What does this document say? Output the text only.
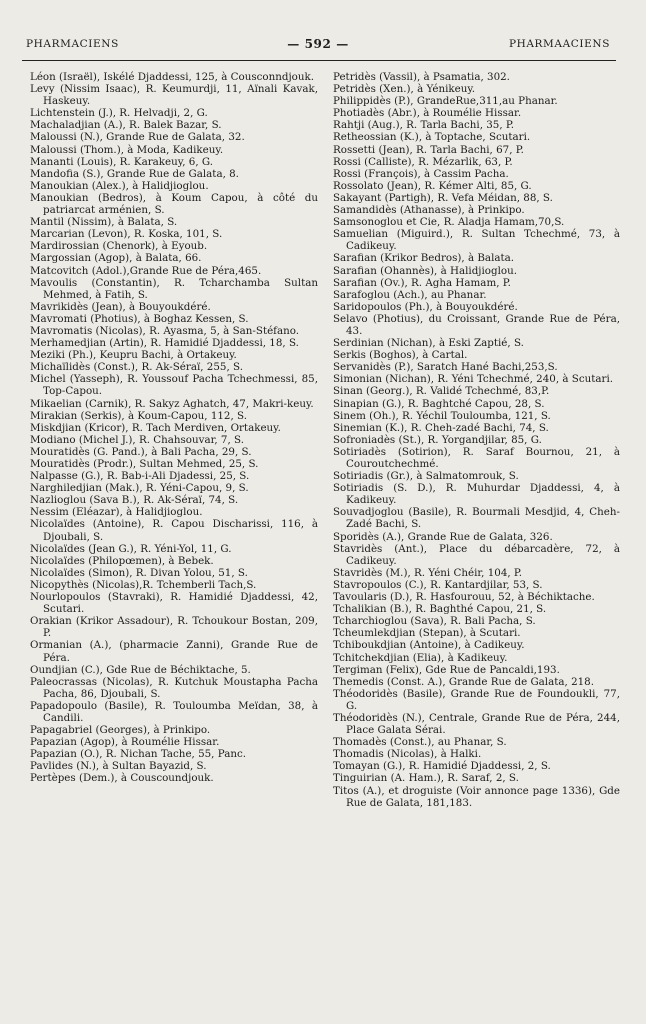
PHARMACIENS	— 592 —	PHARMAACIENS
Léon (Israël), Iskélé Djaddessi, 125, à Cousconndjouk.
Levy (Nissim Isaac), R. Keumurdji, 11, Aïnali Kavak, Haskeuy.
Lichtenstein (J.), R. Helvadji, 2, G.
Machaladjian (A.), R. Balek Bazar, S.
Maloussi (N.), Grande Rue de Galata, 32.
Maloussi (Thom.), à Moda, Kadikeuy.
Mananti (Louis), R. Karakeuy, 6, G.
Mandofia (S.), Grande Rue de Galata, 8.
Manoukian (Alex.), à Halidjioglou.
Manoukian (Bedros), à Koum Capou, à côté du patriarcat arménien, S.
Mantil (Nissim), à Balata, S.
Marcarian (Levon), R. Koska, 101, S.
Mardirossian (Chenork), à Eyoub.
Margossian (Agop), à Balata, 66.
Matcovitch (Adol.),Grande Rue de Péra,465.
Mavoulis (Constantin), R. Tcharchamba Sultan Mehmed, à Fatih, S.
Mavrikidès (Jean), à Bouyoukdéré.
Mavromati (Photius), à Boghaz Kessen, S.
Mavromatis (Nicolas), R. Ayasma, 5, à San-Stéfano.
Merhamedjian (Artin), R. Hamidié Djaddessi, 18, S.
Meziki (Ph.), Keupru Bachi, à Ortakeuy.
Michaïlidès (Const.), R. Ak-Séraï, 255, S.
Michel (Yasseph), R. Youssouf Pacha Tchechmessi, 85, Top-Capou.
Mikaelian (Carnik), R. Sakyz Aghatch, 47, Makri-keuy.
Mirakian (Serkis), à Koum-Capou, 112, S.
Miskdjian (Kricor), R. Tach Merdiven, Ortakeuy.
Modiano (Michel J.), R. Chahsouvar, 7, S.
Mouratidès (G. Pand.), à Bali Pacha, 29, S.
Mouratidès (Prodr.), Sultan Mehmed, 25, S.
Nalpasse (G.), R. Bab-i-Ali Djadessi, 25, S.
Narghiledjian (Mak.), R. Yéni-Capou, 9, S.
Nazlioglou (Sava B.), R. Ak-Séraï, 74, S.
Nessim (Eléazar), à Halidjioglou.
Nicolaïdes (Antoine), R. Capou Discharissi, 116, à Djoubali, S.
Nicolaïdes (Jean G.), R. Yéni-Yol, 11, G.
Nicolaïdes (Philopœmen), à Bebek.
Nicolaïdes (Simon), R. Divan Yolou, 51, S.
Nicopythès (Nicolas),R. Tchemberli Tach,S.
Nourlopoulos (Stavraki), R. Hamidié Djaddessi, 42, Scutari.
Orakian (Krikor Assadour), R. Tchoukour Bostan, 209, P.
Ormanian (A.), (pharmacie Zanni), Grande Rue de Péra.
Oundjian (C.), Gde Rue de Béchiktache, 5.
Paleocrassas (Nicolas), R. Kutchuk Moustapha Pacha Pacha, 86, Djoubali, S.
Papadopoulo (Basile), R. Touloumba Meïdan, 38, à Candili.
Papagabriel (Georges), à Prinkipo.
Papazian (Agop), à Roumélie Hissar.
Papazian (O.), R. Nichan Tache, 55, Panc.
Pavlides (N.), à Sultan Bayazid, S.
Pertèpes (Dem.), à Couscoundjouk.
Petridès (Vassil), à Psamatia, 302.
Petridès (Xen.), à Yénikeuy.
Philippidès (P.), GrandeRue,311,au Phanar.
Photiadès (Abr.), à Roumélie Hissar.
Rahtji (Aug.), R. Tarla Bachi, 35, P.
Retheossian (K.), à Toptache, Scutari.
Rossetti (Jean), R. Tarla Bachi, 67, P.
Rossi (Calliste), R. Mézarlik, 63, P.
Rossi (François), à Cassim Pacha.
Rossolato (Jean), R. Kémer Alti, 85, G.
Sakayant (Partigh), R. Vefa Méidan, 88, S.
Samandidès (Athanasse), à Prinkipo.
Samsonoglou et Cie, R. Aladja Hamam,70,S.
Samuelian (Miguird.), R. Sultan Tchechmé, 73, à Cadikeuy.
Sarafian (Krikor Bedros), à Balata.
Sarafian (Ohannès), à Halidjioglou.
Sarafian (Ov.), R. Agha Hamam, P.
Sarafoglou (Ach.), au Phanar.
Saridopoulos (Ph.), à Bouyoukdéré.
Selavo (Photius), du Croissant, Grande Rue de Péra, 43.
Serdinian (Nichan), à Eski Zaptié, S.
Serkis (Boghos), à Cartal.
Servanidès (P.), Saratch Hané Bachi,253,S.
Simonian (Nichan), R. Yéni Tchechmé, 240, à Scutari.
Sinan (Georg.), R. Validé Tchechmé, 83,P.
Sinapian (G.), R. Baghtché Capou, 28, S.
Sinem (Oh.), R. Yéchil Touloumba, 121, S.
Sinemian (K.), R. Cheh-zadé Bachi, 74, S.
Sofroniadès (St.), R. Yorgandjilar, 85, G.
Sotiriadès (Sotirion), R. Saraf Bournou, 21, à Couroutchechmé.
Sotiriadis (Gr.), à Salmatomrouk, S.
Sotiriadis (S. D.), R. Muhurdar Djaddessi, 4, à Kadikeuy.
Souvadjoglou (Basile), R. Bourmali Mesdjid, 4, Cheh-Zadé Bachi, S.
Sporidès (A.), Grande Rue de Galata, 326.
Stavridès (Ant.), Place du débarcadère, 72, à Cadikeuy.
Stavridès (M.), R. Yéni Chéir, 104, P.
Stavropoulos (C.), R. Kantardjilar, 53, S.
Tavoularis (D.), R. Hasfourouu, 52, à Béchiktache.
Tchalikian (B.), R. Baghthé Capou, 21, S.
Tcharchioglou (Sava), R. Bali Pacha, S.
Tcheumlekdjian (Stepan), à Scutari.
Tchiboukdjian (Antoine), à Cadikeuy.
Tchitchekdjian (Elia), à Kadikeuy.
Tergiman (Felix), Gde Rue de Pancaldi,193.
Themedis (Const. A.), Grande Rue de Galata, 218.
Théodoridès (Basile), Grande Rue de Foundoukli, 77, G.
Théodoridès (N.), Centrale, Grande Rue de Péra, 244, Place Galata Sérai.
Thomadès (Const.), au Phanar, S.
Thomadis (Nicolas), à Halki.
Tomayan (G.), R. Hamidié Djaddessi, 2, S.
Tinguirian (A. Ham.), R. Saraf, 2, S.
Titos (A.), et droguiste (Voir annonce page 1336), Gde Rue de Galata, 181,183.
